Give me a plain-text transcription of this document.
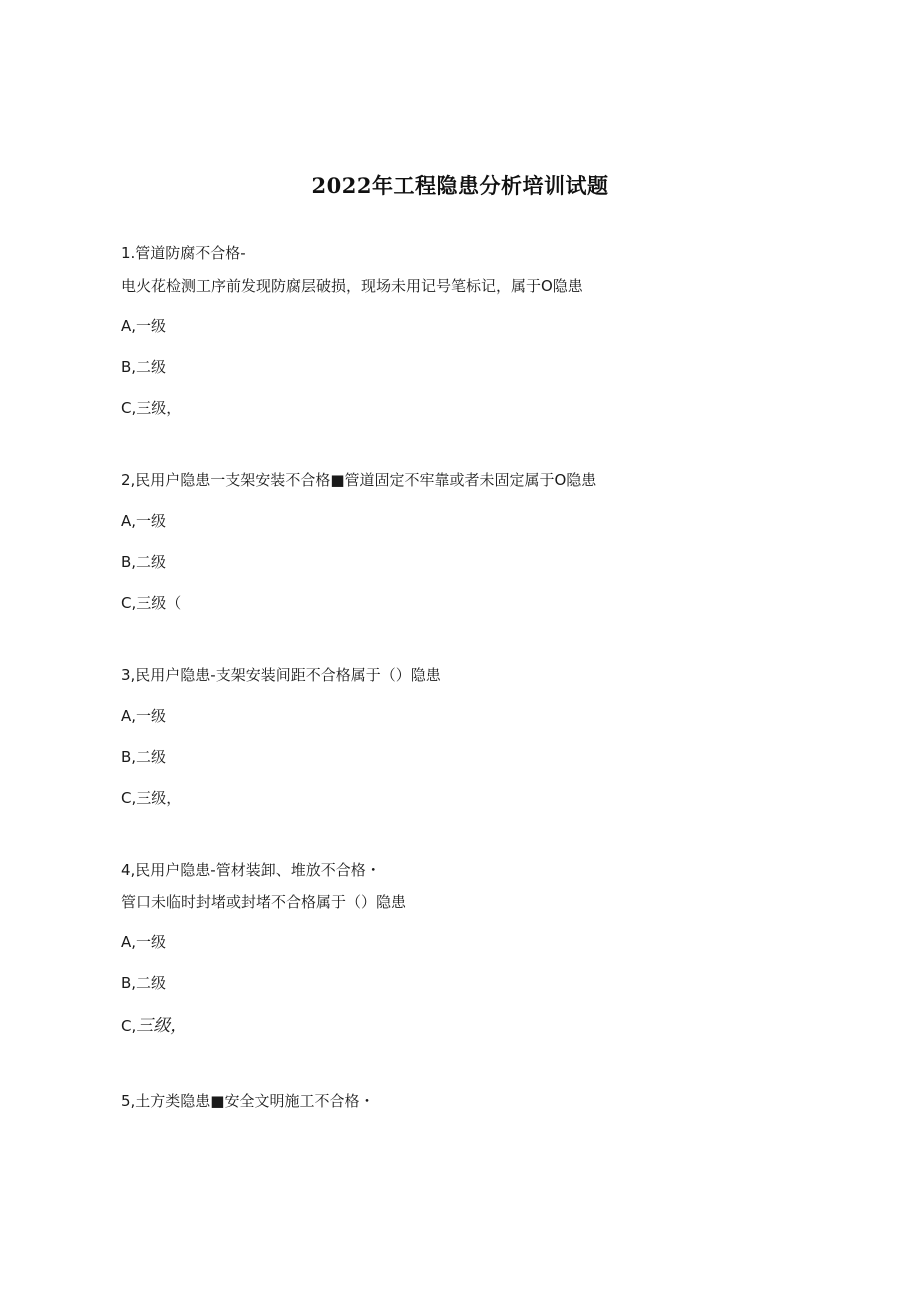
2022年工程隐患分析培训试题
1.管道防腐不合格-
电火花检测工序前发现防腐层破损，现场未用记号笔标记，属于O隐患
A,一级
B,二级
C,三级，
2,民用户隐患一支架安装不合格■管道固定不牢靠或者未固定属于O隐患
A,一级
B,二级
C,三级（
3,民用户隐患-支架安装间距不合格属于（）隐患
A,一级
B,二级
C,三级，
4,民用户隐患-管材装卸、堆放不合格・
管口未临时封堵或封堵不合格属于（）隐患
A,一级
B,二级
C,三级，
5,土方类隐患■安全文明施工不合格・
